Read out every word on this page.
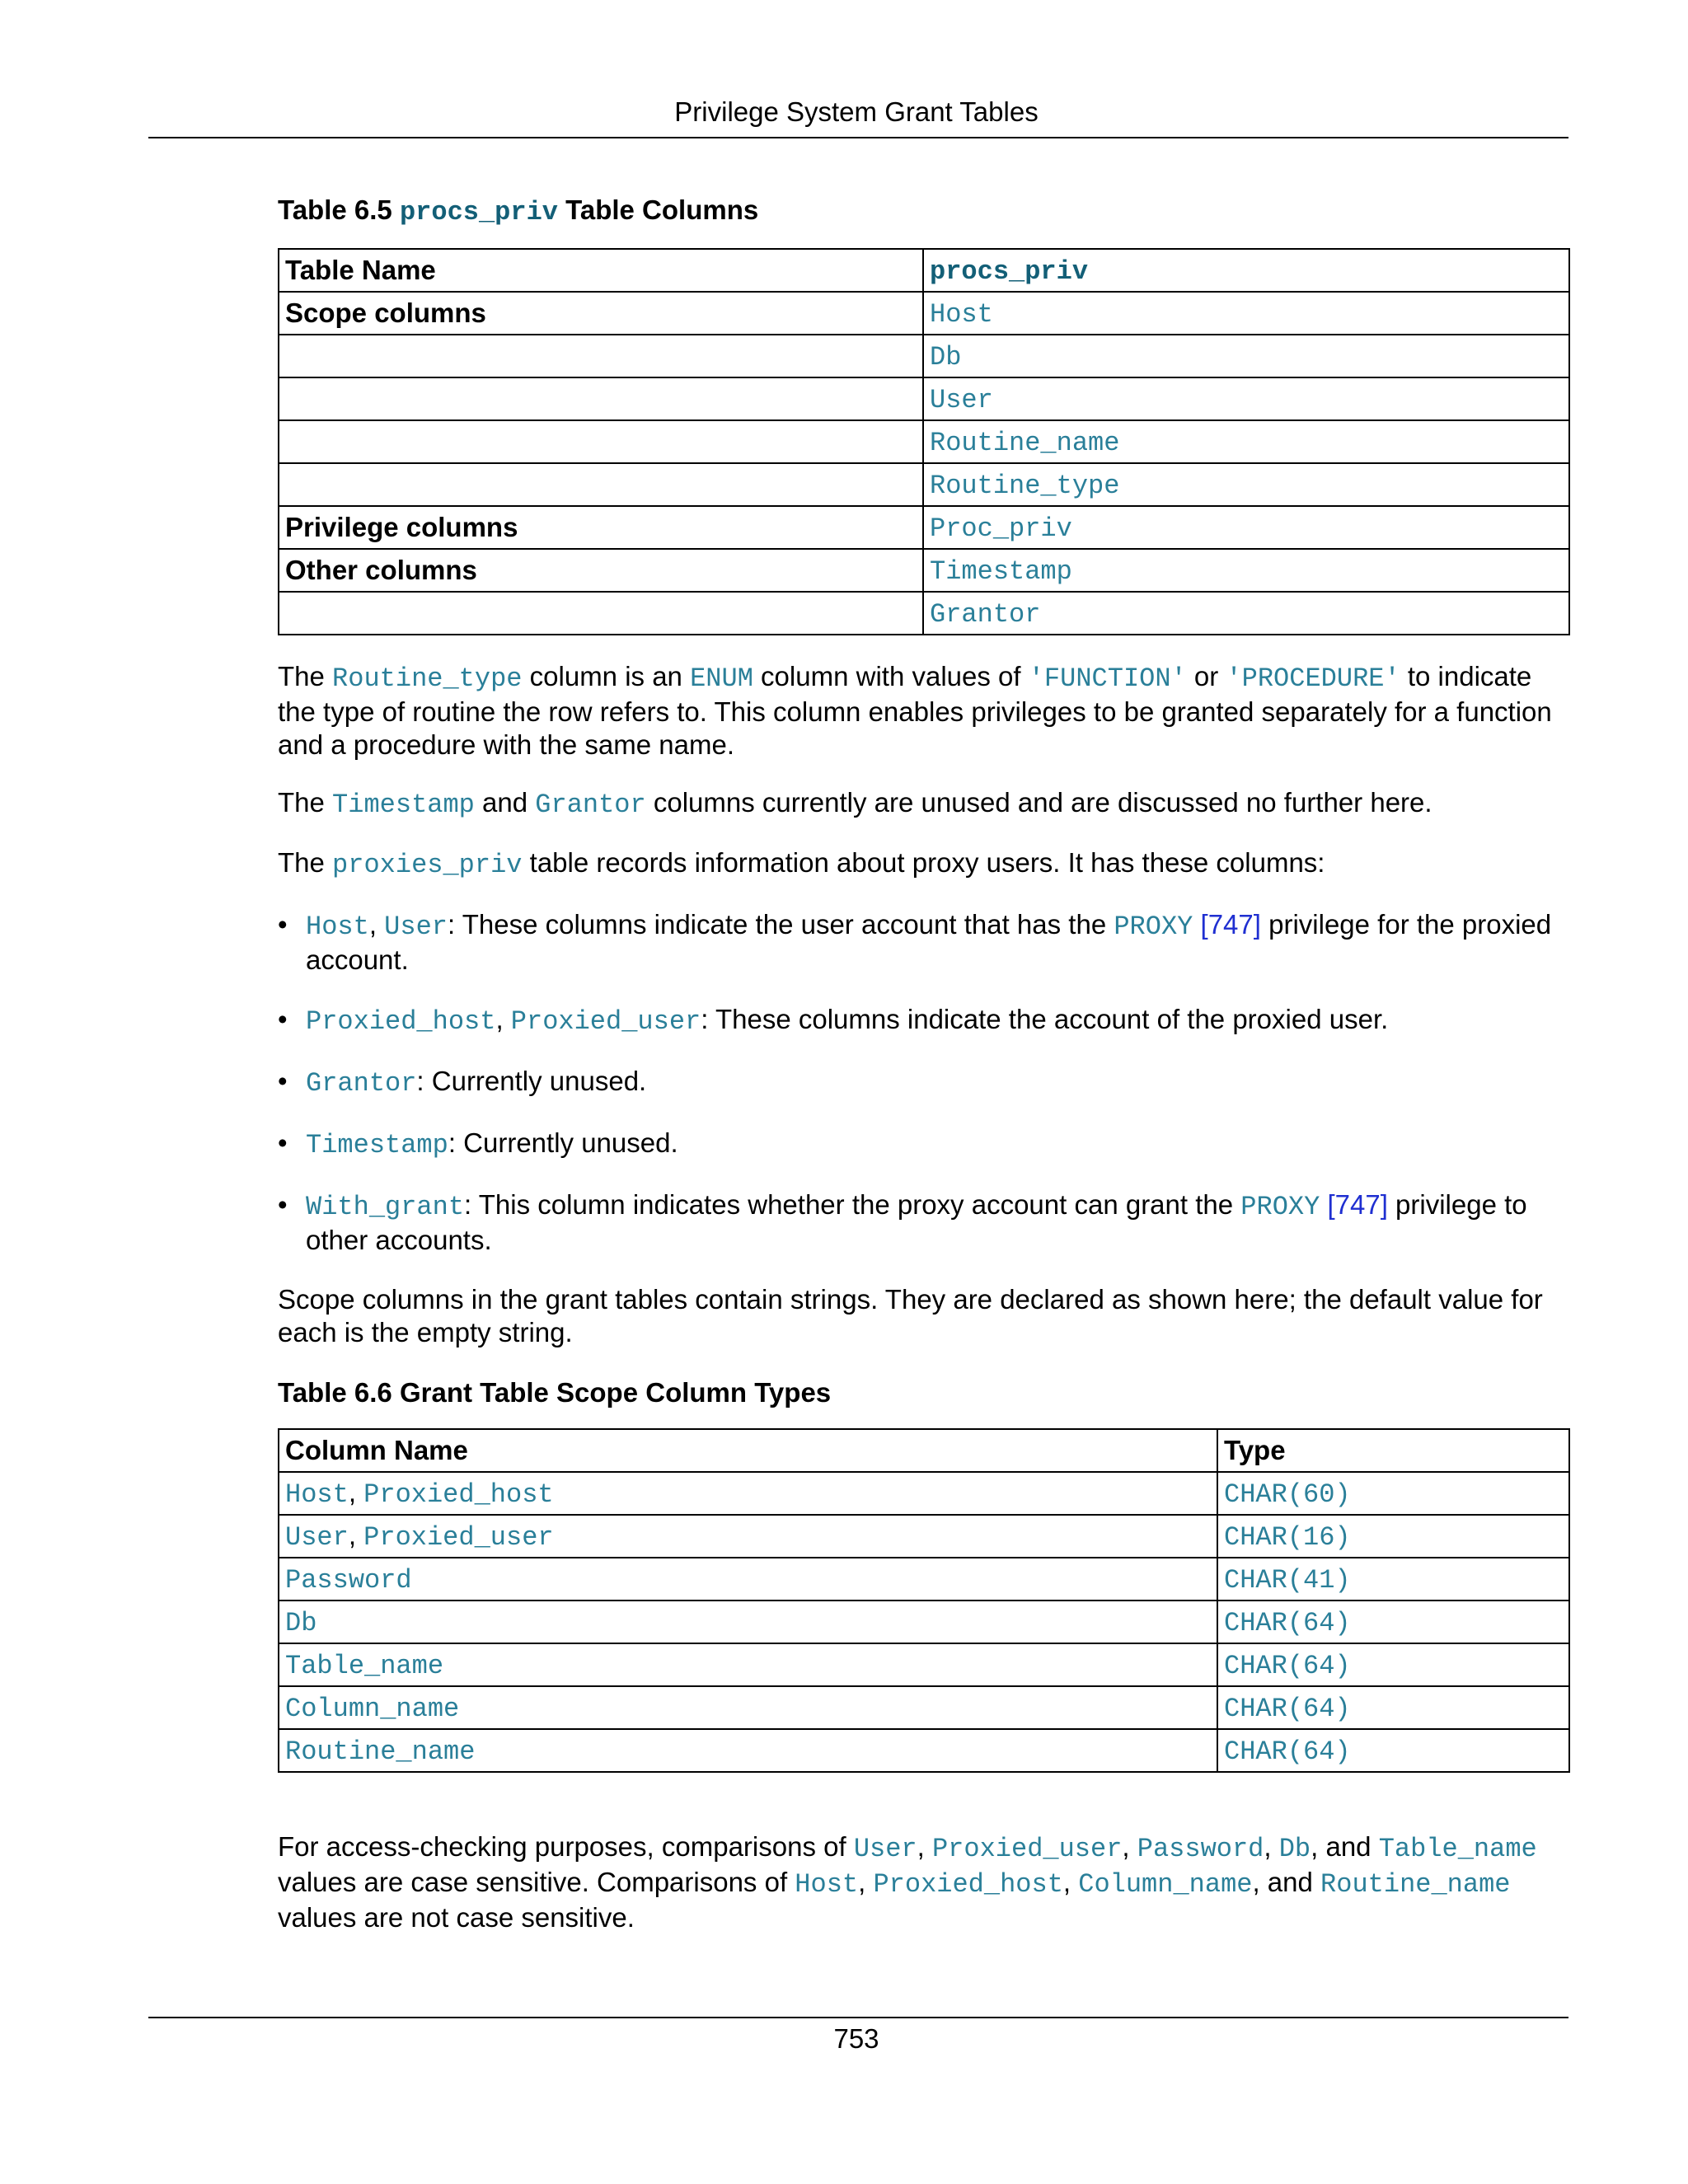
Privilege System Grant Tables
Table 6.5 procs_priv Table Columns
Table Name	procs_priv
Scope columns	Host
	Db
	User
	Routine_name
	Routine_type
Privilege columns	Proc_priv
Other columns	Timestamp
	Grantor

The Routine_type column is an ENUM column with values of 'FUNCTION' or 'PROCEDURE' to indicate the type of routine the row refers to. This column enables privileges to be granted separately for a function and a procedure with the same name.

The Timestamp and Grantor columns currently are unused and are discussed no further here.

The proxies_priv table records information about proxy users. It has these columns:

• Host, User: These columns indicate the user account that has the PROXY [747] privilege for the proxied account.
• Proxied_host, Proxied_user: These columns indicate the account of the proxied user.
• Grantor: Currently unused.
• Timestamp: Currently unused.
• With_grant: This column indicates whether the proxy account can grant the PROXY [747] privilege to other accounts.

Scope columns in the grant tables contain strings. They are declared as shown here; the default value for each is the empty string.

Table 6.6 Grant Table Scope Column Types
Column Name	Type
Host, Proxied_host	CHAR(60)
User, Proxied_user	CHAR(16)
Password	CHAR(41)
Db	CHAR(64)
Table_name	CHAR(64)
Column_name	CHAR(64)
Routine_name	CHAR(64)

For access-checking purposes, comparisons of User, Proxied_user, Password, Db, and Table_name values are case sensitive. Comparisons of Host, Proxied_host, Column_name, and Routine_name values are not case sensitive.

753
